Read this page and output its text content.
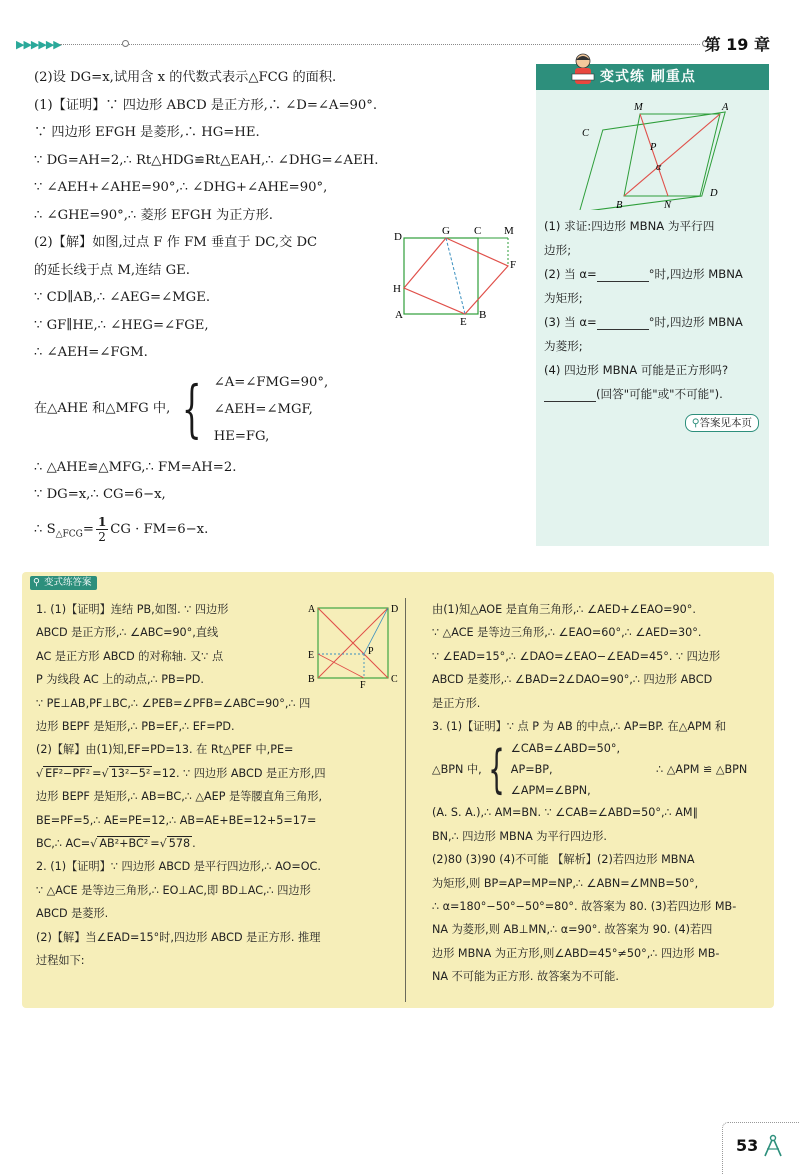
▶▶▶▶▶▶	第 19 章
(2)设 DG=x,试用含 x 的代数式表示△FCG 的面积.
(1)【证明】∵ 四边形 ABCD 是正方形,∴ ∠D=∠A=90°.
∵ 四边形 EFGH 是菱形,∴ HG=HE.
∵ DG=AH=2,∴ Rt△HDG≌Rt△EAH,∴ ∠DHG=∠AEH.
∵ ∠AEH+∠AHE=90°,∴ ∠DHG+∠AHE=90°,
∴ ∠GHE=90°,∴ 菱形 EFGH 为正方形.
(2)【解】如图,过点 F 作 FM 垂直于 DC,交 DC
的延长线于点 M,连结 GE.
∵ CD∥AB,∴ ∠AEG=∠MGE.
∵ GF∥HE,∴ ∠HEG=∠FGE,
∴ ∠AEH=∠FGM.
在△AHE 和△MFG 中, { ∠A=∠FMG=90°,
∠AEH=∠MGF,
HE=FG,
∴ △AHE≌△MFG,∴ FM=AH=2.
∵ DG=x,∴ CG=6−x,
∴ $S_{\triangle FCG}= \frac{1}{2}$ CG · FM=6−x.
D	G C M
F
H
A
E
B
变式练 刷重点
M	A
C
P
α
B	N
D
(1) 求证:四边形 MBNA 为平行四
边形;
(2) 当 α=	°时,四边形 MBNA
为矩形;
(3) 当 α=	°时,四边形 MBNA
为菱形;
(4) 四边形 MBNA 可能是正方形吗?
(回答"可能"或"不可能").
⚲答案见本页
⚲ 变式练答案
A	D
P
B
F
C
E
1. (1)【证明】连结 PB,如图. ∵ 四边形
ABCD 是正方形,∴ ∠ABC=90°,直线
AC 是正方形 ABCD 的对称轴. 又∵ 点
P 为线段 AC 上的动点,∴ PB=PD.
∵ PE⊥AB,PF⊥BC,∴ ∠PEB=∠PFB=∠ABC=90°,∴ 四
边形 BEPF 是矩形,∴ PB=EF,∴ EF=PD.
(2)【解】由(1)知,EF=PD=13. 在 Rt△PEF 中,PE=
√ EF²−PF² =√ 13²−5² =12. ∵ 四边形 ABCD 是正方形,四
边形 BEPF 是矩形,∴ AB=BC,∴ △AEP 是等腰直角三角形,
BE=PF=5,∴ AE=PE=12,∴ AB=AE+BE=12+5=17=
BC,∴ AC=√ AB²+BC² =√ 578 .
2. (1)【证明】∵ 四边形 ABCD 是平行四边形,∴ AO=OC.
∵ △ACE 是等边三角形,∴ EO⊥AC,即 BD⊥AC,∴ 四边形
ABCD 是菱形.
(2)【解】当∠EAD=15°时,四边形 ABCD 是正方形. 推理
过程如下:
由(1)知△AOE 是直角三角形,∴ ∠AED+∠EAO=90°.
∵ △ACE 是等边三角形,∴ ∠EAO=60°,∴ ∠AED=30°.
∵ ∠EAD=15°,∴ ∠DAO=∠EAO−∠EAD=45°. ∵ 四边形
ABCD 是菱形,∴ ∠BAD=2∠DAO=90°,∴ 四边形 ABCD
是正方形.
3. (1)【证明】∵ 点 P 为 AB 的中点,∴ AP=BP. 在△APM 和
△BPN 中, { ∠CAB=∠ABD=50°,
AP=BP,
∠APM=∠BPN,
∴ △APM ≌ △BPN
(A. S. A.),∴ AM=BN. ∵ ∠CAB=∠ABD=50°,∴ AM∥
BN,∴ 四边形 MBNA 为平行四边形.
(2)80 (3)90 (4)不可能 【解析】(2)若四边形 MBNA
为矩形,则 BP=AP=MP=NP,∴ ∠ABN=∠MNB=50°,
∴ α=180°−50°−50°=80°. 故答案为 80. (3)若四边形 MB-
NA 为菱形,则 AB⊥MN,∴ α=90°. 故答案为 90. (4)若四
边形 MBNA 为正方形,则∠ABD=45°≠50°,∴ 四边形 MB-
NA 不可能为正方形. 故答案为不可能.
53
